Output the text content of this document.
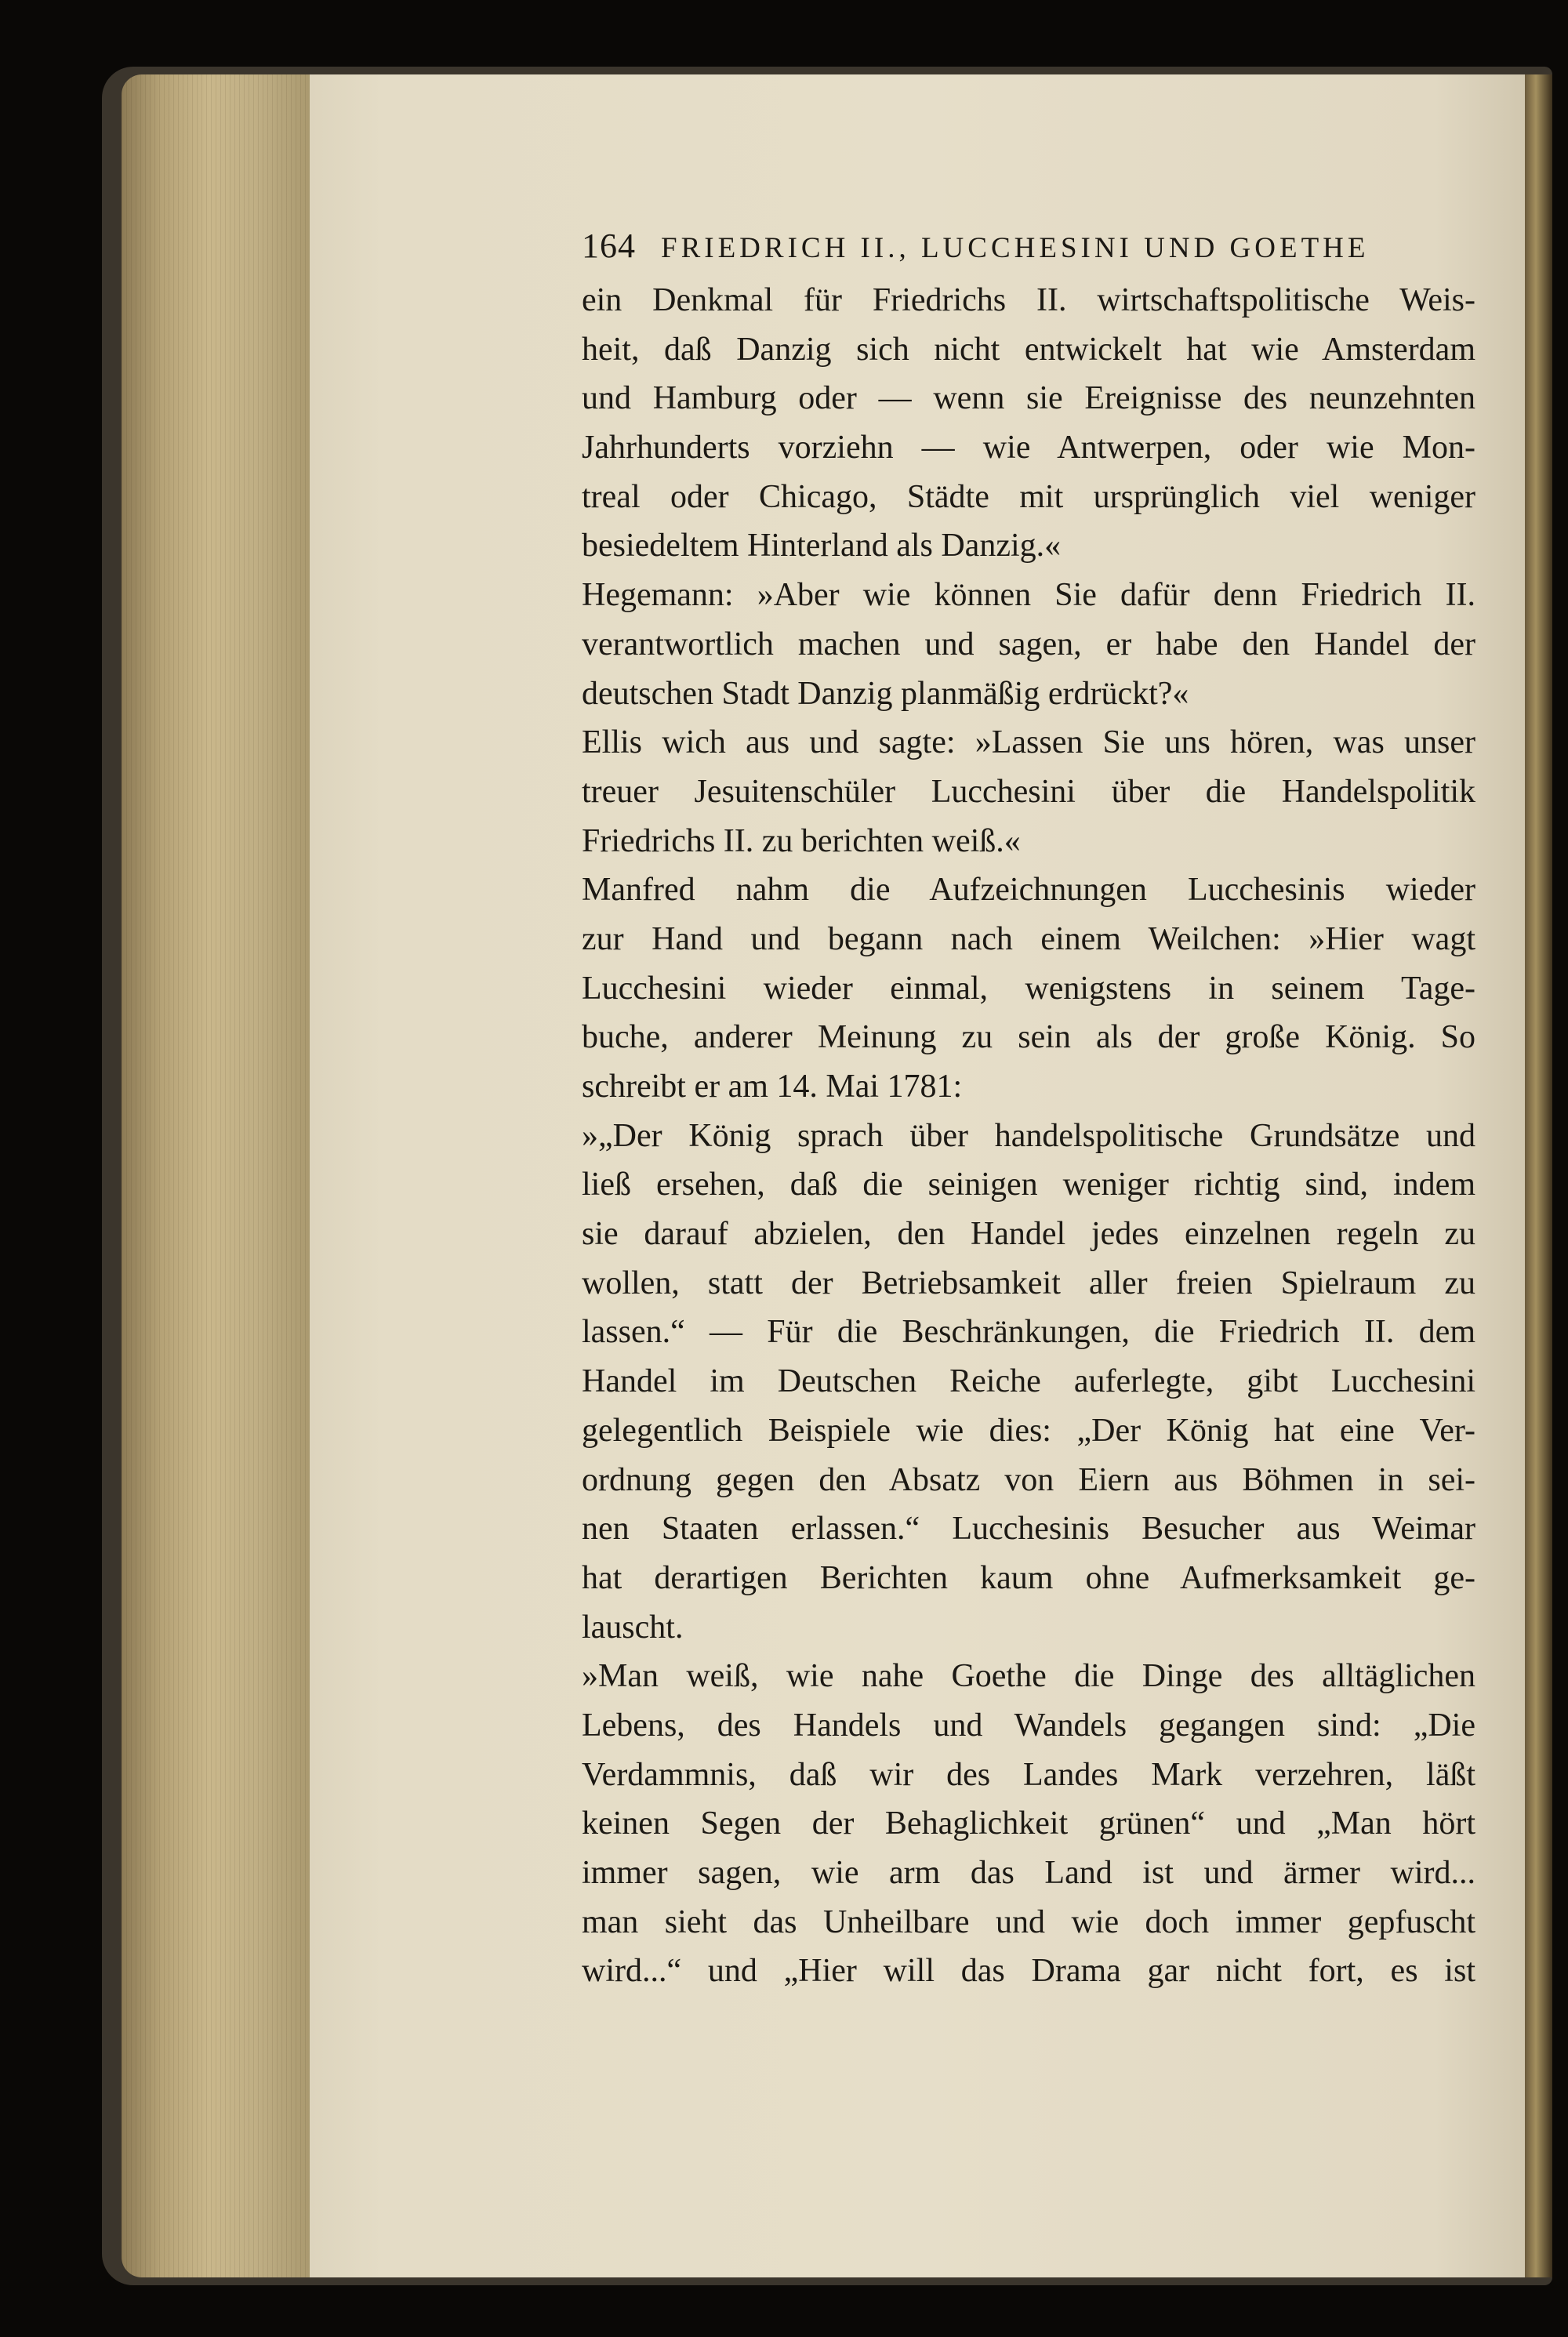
164 FRIEDRICH II., LUCCHESINI UND GOETHE
ein Denkmal für Friedrichs II. wirtschaftspolitische Weis-
heit, daß Danzig sich nicht entwickelt hat wie Amsterdam
und Hamburg oder — wenn sie Ereignisse des neunzehnten
Jahrhunderts vorziehn — wie Antwerpen, oder wie Mon-
treal oder Chicago, Städte mit ursprünglich viel weniger
besiedeltem Hinterland als Danzig.«
Hegemann: »Aber wie können Sie dafür denn Friedrich II.
verantwortlich machen und sagen, er habe den Handel der
deutschen Stadt Danzig planmäßig erdrückt?«
Ellis wich aus und sagte: »Lassen Sie uns hören, was unser
treuer Jesuitenschüler Lucchesini über die Handelspolitik
Friedrichs II. zu berichten weiß.«
Manfred nahm die Aufzeichnungen Lucchesinis wieder
zur Hand und begann nach einem Weilchen: »Hier wagt
Lucchesini wieder einmal, wenigstens in seinem Tage-
buche, anderer Meinung zu sein als der große König. So
schreibt er am 14. Mai 1781:
»„Der König sprach über handelspolitische Grundsätze und
ließ ersehen, daß die seinigen weniger richtig sind, indem
sie darauf abzielen, den Handel jedes einzelnen regeln zu
wollen, statt der Betriebsamkeit aller freien Spielraum zu
lassen.“ — Für die Beschränkungen, die Friedrich II. dem
Handel im Deutschen Reiche auferlegte, gibt Lucchesini
gelegentlich Beispiele wie dies: „Der König hat eine Ver-
ordnung gegen den Absatz von Eiern aus Böhmen in sei-
nen Staaten erlassen.“ Lucchesinis Besucher aus Weimar
hat derartigen Berichten kaum ohne Aufmerksamkeit ge-
lauscht.
»Man weiß, wie nahe Goethe die Dinge des alltäglichen
Lebens, des Handels und Wandels gegangen sind: „Die
Verdammnis, daß wir des Landes Mark verzehren, läßt
keinen Segen der Behaglichkeit grünen“ und „Man hört
immer sagen, wie arm das Land ist und ärmer wird...
man sieht das Unheilbare und wie doch immer gepfuscht
wird...“ und „Hier will das Drama gar nicht fort, es ist
